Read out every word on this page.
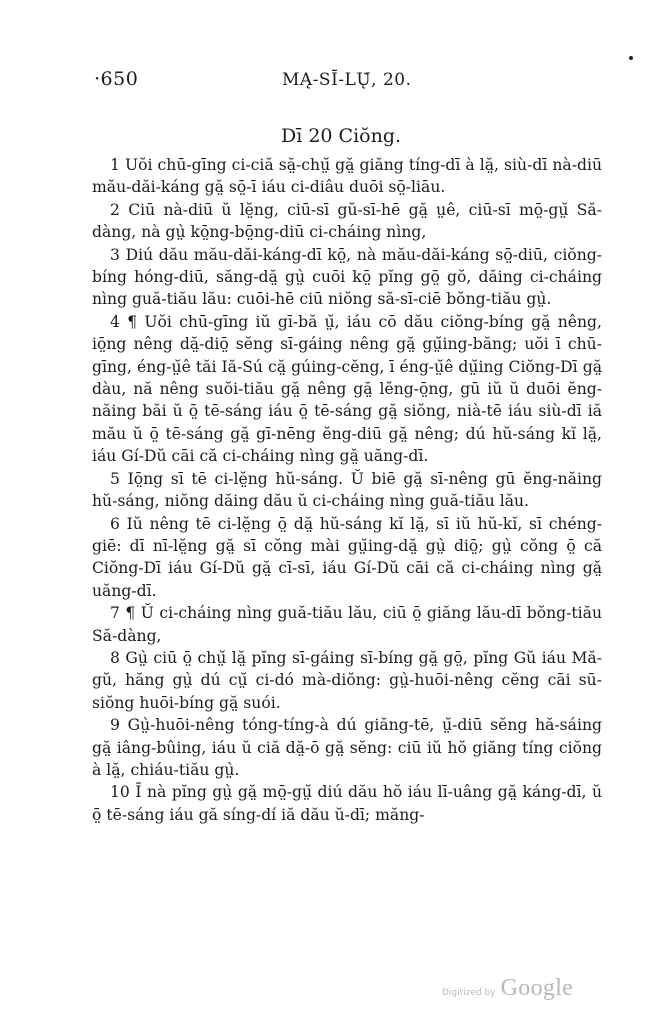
·650	MĄ-SĪ-LŲ̆, 20.
Dī 20 Ciŏng.

1 Uŏi chū-gīng ci-ciă să̤-chṳ̆ gă̤ giăng tíng-dī à lă̤, siù-dī nà-diū mău-dăi-káng gă̤ sō̤-ī iáu ci-diâu duōi sō̤-liāu.

2 Ciū nà-diū ŭ lĕ̤ng, ciū-sī gŭ-sī-hē gă̤ ṳê, ciū-sī mō̤-gṳ̆ Să-dàng, nà gṳ̀ kō̤ng-bō̤ng-diū ci-cháing nìng,

3 Diú dău mău-dăi-káng-dī kō̤, nà mău-dăi-káng sō̤-diū, ciŏng-bíng hóng-diū, săng-dă̤ gṳ̀ cuōi kō̤ pĭng gō̤ gŏ, dăing ci-cháing nìng guă-tiău lău: cuōi-hē ciū niŏng să-sī-ciē bŏng-tiău gṳ̀.

4 ¶ Uŏi chū-gīng iŭ gī-bă ṳ̆, iáu cō dău ciŏng-bíng gă̤ nêng, iō̤ng nêng dă̤-diō̤ sĕng sī-gáing nêng gă̤ gṳ̆ing-băng; uŏi ī chū-gīng, éng-ṳ̆ê tăi Iă-Sú că̤ gúing-cĕng, ī éng-ṳ̆ê dṳ̆ing Ciŏng-Dī gă̤ dàu, nă nêng suŏi-tiău gă̤ nêng gă̤ lĕng-ō̤ng, gū iŭ ŭ duōi ĕng-năing băi ŭ ō̤ tē-sáng iáu ō̤ tē-sáng gă̤ siŏng, nià-tē iáu siù-dī iă mău ŭ ō̤ tē-sáng gă̤ gī-nēng ĕng-diū gă̤ nêng; dú hŭ-sáng kĭ lă̤, iáu Gí-Dŭ cāi că ci-cháing nìng gă̤ uăng-dī.

5 Iō̤ng sī tē ci-lĕ̤ng hŭ-sáng. Ŭ biē gă̤ sī-nêng gū ĕng-năing hŭ-sáng, niŏng dăing dău ŭ ci-cháing nìng guă-tiău lău.

6 Iŭ nêng tē ci-lĕ̤ng ō̤ dă̤ hŭ-sáng kĭ lă̤, sī iŭ hŭ-kĭ, sī chéng-giē: dī nī-lĕ̤ng gă̤ sī cŏng mài gṳ̆ing-dă̤ gṳ̀ diō̤; gṳ̀ cŏng ō̤ că Ciŏng-Dī iáu Gí-Dŭ gă̤ cī-sī, iáu Gí-Dŭ cāi că ci-cháing nìng gă̤ uăng-dī.

7 ¶ Ŭ ci-cháing nìng guă-tiău lău, ciū ō̤ giăng lău-dī bŏng-tiău Să-dàng,

8 Gṳ̀ ciū ō̤ chṳ̆ lă̤ pĭng sī-gáing sī-bíng gă̤ gō̤, pĭng Gŭ iáu Mă-gŭ, hăng gṳ̀ dú cṳ̆ ci-dó mà-diŏng: gṳ̀-huōi-nêng cĕng cāi sū-siŏng huōi-bíng gă̤ suói.

9 Gṳ̀-huōi-nêng tóng-tíng-à dú giăng-tē, ṳ̆-diū sĕng hă-sáing gă̤ iâng-bûing, iáu ŭ ciă dă̤-ō gă̤ sĕng: ciū iŭ hŏ giăng tíng ciŏng à lă̤, chiáu-tiău gṳ̀.

10 Ī nà pĭng gṳ̀ gă̤ mō̤-gṳ̆ diú dău hŏ iáu lī-uâng gă̤ káng-dī, ŭ ō̤ tē-sáng iáu gă síng-dí iă dău ŭ-dī; măng-

Digitized by Google
